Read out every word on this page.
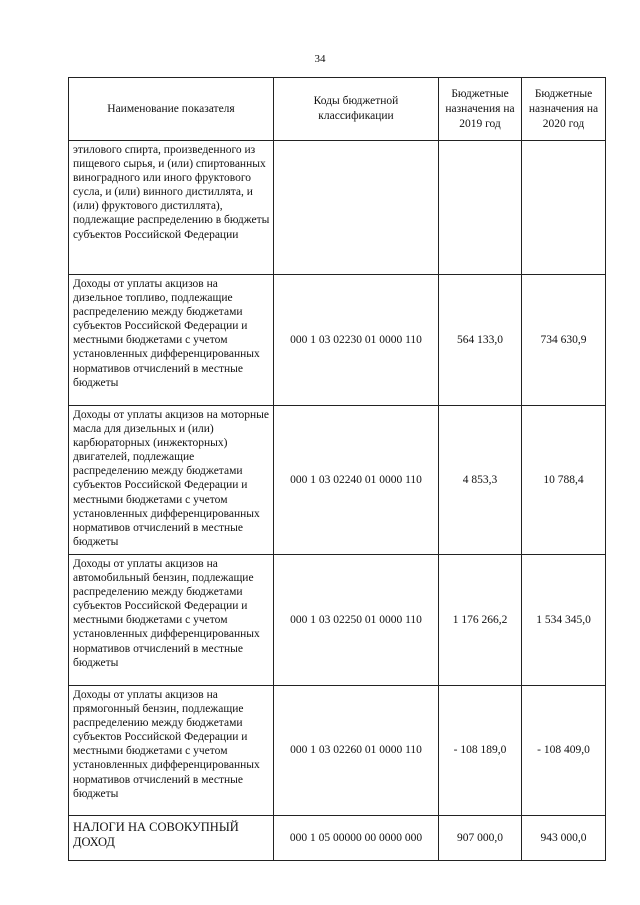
34
Наименование показателя	Коды бюджетной классификации	Бюджетные назначения на 2019 год	Бюджетные назначения на 2020 год
этилового спирта, произведенного из пищевого сырья, и (или) спиртованных виноградного или иного фруктового сусла, и (или) винного дистиллята, и (или) фруктового дистиллята), подлежащие распределению в бюджеты субъектов Российской Федерации			
Доходы от уплаты акцизов на дизельное топливо, подлежащие распределению между бюджетами субъектов Российской Федерации и местными бюджетами с учетом установленных дифференцированных нормативов отчислений в местные бюджеты	000 1 03 02230 01 0000 110	564 133,0	734 630,9
Доходы от уплаты акцизов на моторные масла для дизельных и (или) карбюраторных (инжекторных) двигателей, подлежащие распределению между бюджетами субъектов Российской Федерации и местными бюджетами с учетом установленных дифференцированных нормативов отчислений в местные бюджеты	000 1 03 02240 01 0000 110	4 853,3	10 788,4
Доходы от уплаты акцизов на автомобильный бензин, подлежащие распределению между бюджетами субъектов Российской Федерации и местными бюджетами с учетом установленных дифференцированных нормативов отчислений в местные бюджеты	000 1 03 02250 01 0000 110	1 176 266,2	1 534 345,0
Доходы от уплаты акцизов на прямогонный бензин, подлежащие распределению между бюджетами субъектов Российской Федерации и местными бюджетами с учетом установленных дифференцированных нормативов отчислений в местные бюджеты	000 1 03 02260 01 0000 110	- 108 189,0	- 108 409,0
НАЛОГИ НА СОВОКУПНЫЙ ДОХОД	000 1 05 00000 00 0000 000	907 000,0	943 000,0
